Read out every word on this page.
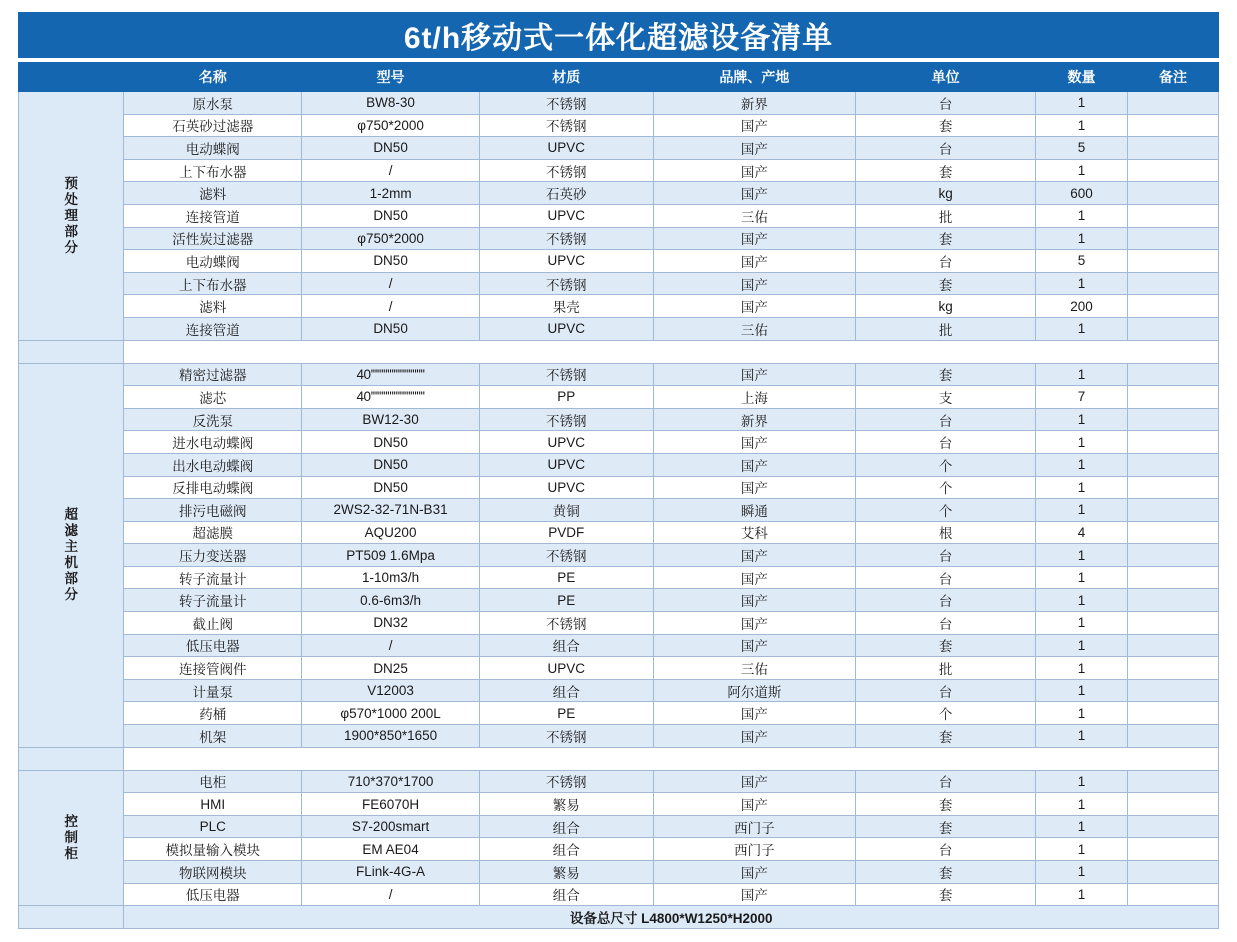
6t/h移动式一体化超滤设备清单
	名称	型号	材质	品牌、产地	单位	数量	备注

预处理部分	原水泵	BW8-30	不锈钢	新界	台	1	
	石英砂过滤器	φ750*2000	不锈钢	国产	套	1	
	电动蝶阀	DN50	UPVC	国产	台	5	
	上下布水器	/	不锈钢	国产	套	1	
	滤料	1-2mm	石英砂	国产	kg	600	
	连接管道	DN50	UPVC	三佑	批	1	
	活性炭过滤器	φ750*2000	不锈钢	国产	套	1	
	电动蝶阀	DN50	UPVC	国产	台	5	
	上下布水器	/	不锈钢	国产	套	1	
	滤料	/	果壳	国产	kg	200	
	连接管道	DN50	UPVC	三佑	批	1	

超滤主机部分	精密过滤器	40''''''''''''''''''''''''''	不锈钢	国产	套	1	
	滤芯	40''''''''''''''''''''''''''	PP	上海	支	7	
	反洗泵	BW12-30	不锈钢	新界	台	1	
	进水电动蝶阀	DN50	UPVC	国产	台	1	
	出水电动蝶阀	DN50	UPVC	国产	个	1	
	反排电动蝶阀	DN50	UPVC	国产	个	1	
	排污电磁阀	2WS2-32-71N-B31	黄铜	瞬通	个	1	
	超滤膜	AQU200	PVDF	艾科	根	4	
	压力变送器	PT509 1.6Mpa	不锈钢	国产	台	1	
	转子流量计	1-10m3/h	PE	国产	台	1	
	转子流量计	0.6-6m3/h	PE	国产	台	1	
	截止阀	DN32	不锈钢	国产	台	1	
	低压电器	/	组合	国产	套	1	
	连接管阀件	DN25	UPVC	三佑	批	1	
	计量泵	V12003	组合	阿尔道斯	台	1	
	药桶	φ570*1000 200L	PE	国产	个	1	
	机架	1900*850*1650	不锈钢	国产	套	1	

控制柜	电柜	710*370*1700	不锈钢	国产	台	1	
	HMI	FE6070H	繁易	国产	套	1	
	PLC	S7-200smart	组合	西门子	套	1	
	模拟量输入模块	EM AE04	组合	西门子	台	1	
	物联网模块	FLink-4G-A	繁易	国产	套	1	
	低压电器	/	组合	国产	套	1	
	设备总尺寸 L4800*W1250*H2000						
